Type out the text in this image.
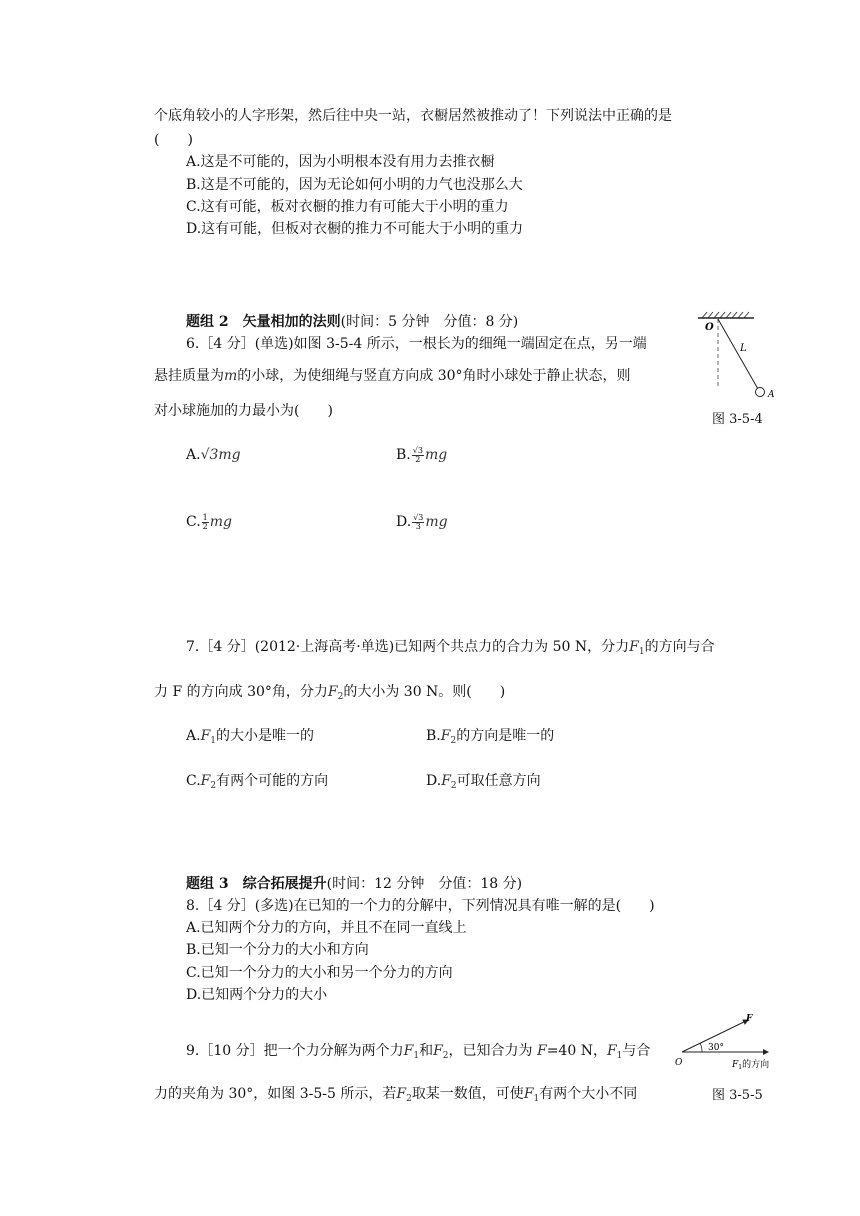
个底角较小的人字形架，然后往中央一站，衣橱居然被推动了！下列说法中正确的是
(　　)
A.这是不可能的，因为小明根本没有用力去推衣橱
B.这是不可能的，因为无论如何小明的力气也没那么大
C.这有可能，板对衣橱的推力有可能大于小明的重力
D.这有可能，但板对衣橱的推力不可能大于小明的重力
题组 2　矢量相加的法则(时间：5 分钟　分值：8 分)
6.［4 分］(单选)如图 3-5-4 所示，一根长为的细绳一端固定在点，另一端
悬挂质量为m的小球，为使细绳与竖直方向成 30°角时小球处于静止状态，则
对小球施加的力最小为(　　)
O
L
A
图 3-5-4
A.√3mg	B. $\frac{√3}{2}$ mg
C. $\frac{1}{2}$ mg	D. $\frac{√3}{3}$ mg
7.［4 分］(2012·上海高考·单选)已知两个共点力的合力为 50 N，分力$F_1$的方向与合
力 F 的方向成 30°角，分力$F_2$的大小为 30 N。则(　　)
$A.F_1$的大小是唯一的	$B.F_2$的方向是唯一的
$C.F_2$有两个可能的方向	$D.F_2$可取任意方向
题组 3　综合拓展提升(时间：12 分钟　分值：18 分)
8.［4 分］(多选)在已知的一个力的分解中，下列情况具有唯一解的是(　　)
A.已知两个分力的方向，并且不在同一直线上
B.已知一个分力的大小和方向
C.已知一个分力的大小和另一个分力的方向
D.已知两个分力的大小
9.［10 分］把一个力分解为两个力$F_1$和$F_2$，已知合力为 F=40 N，$F_1$与合
力的夹角为 30°，如图 3-5-5 所示，若$F_2$取某一数值，可使$F_1$有两个大小不同
F
30°
O	$F_1$的方向
图 3-5-5
